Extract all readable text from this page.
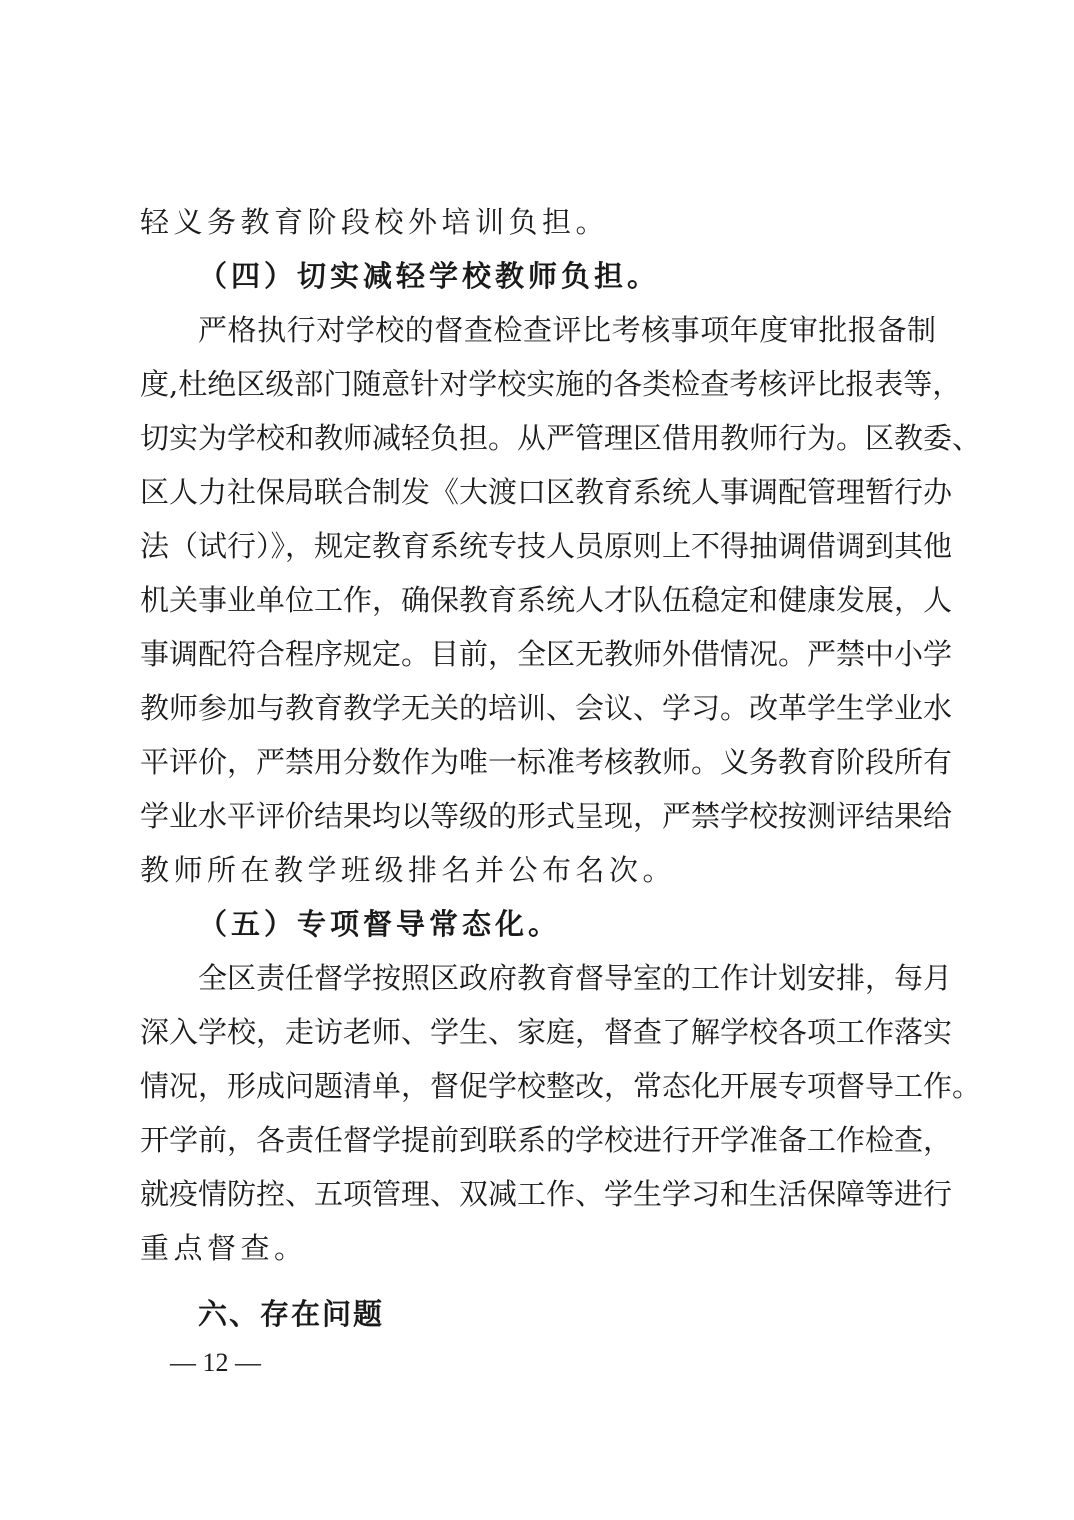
轻义务教育阶段校外培训负担。
（四）切实减轻学校教师负担。
严格执行对学校的督查检查评比考核事项年度审批报备制
度,杜绝区级部门随意针对学校实施的各类检查考核评比报表等，
切实为学校和教师减轻负担。从严管理区借用教师行为。区教委、
区人力社保局联合制发《大渡口区教育系统人事调配管理暂行办
法（试行）》，规定教育系统专技人员原则上不得抽调借调到其他
机关事业单位工作，确保教育系统人才队伍稳定和健康发展，人
事调配符合程序规定。目前，全区无教师外借情况。严禁中小学
教师参加与教育教学无关的培训、会议、学习。改革学生学业水
平评价，严禁用分数作为唯一标准考核教师。义务教育阶段所有
学业水平评价结果均以等级的形式呈现，严禁学校按测评结果给
教师所在教学班级排名并公布名次。
（五）专项督导常态化。
全区责任督学按照区政府教育督导室的工作计划安排，每月
深入学校，走访老师、学生、家庭，督查了解学校各项工作落实
情况，形成问题清单，督促学校整改，常态化开展专项督导工作。
开学前，各责任督学提前到联系的学校进行开学准备工作检查，
就疫情防控、五项管理、双减工作、学生学习和生活保障等进行
重点督查。
六、存在问题
— 12 —
